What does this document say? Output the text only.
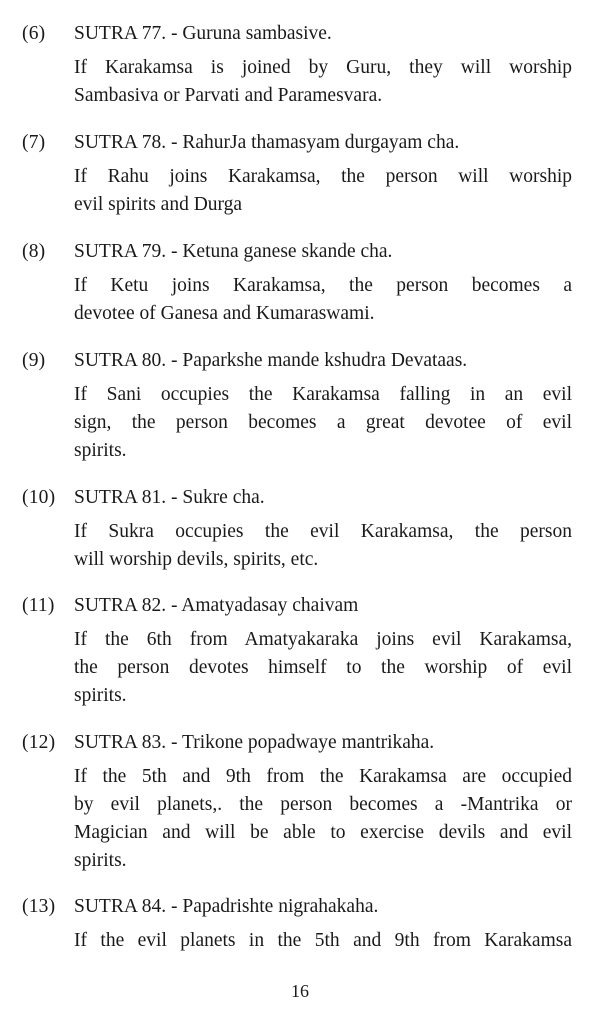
(6) SUTRA 77. - Guruna sambasive.
If Karakamsa is joined by Guru, they will worship
Sambasiva or Parvati and Paramesvara.
(7) SUTRA 78. - RahurJa thamasyam durgayam cha.
If Rahu joins Karakamsa, the person will worship
evil spirits and Durga
(8) SUTRA 79. - Ketuna ganese skande cha.
If Ketu joins Karakamsa, the person becomes a
devotee of Ganesa and Kumaraswami.
(9) SUTRA 80. - Paparkshe mande kshudra Devataas.
If Sani occupies the Karakamsa falling in an evil
sign, the person becomes a great devotee of evil
spirits.
(10) SUTRA 81. - Sukre cha.
If Sukra occupies the evil Karakamsa, the person
will worship devils, spirits, etc.
(11) SUTRA 82. - Amatyadasay chaivam
If the 6th from Amatyakaraka joins evil Karakamsa,
the person devotes himself to the worship of evil
spirits.
(12) SUTRA 83. - Trikone popadwaye mantrikaha.
If the 5th and 9th from the Karakamsa are occupied
by evil planets,. the person becomes a -Mantrika or
Magician and will be able to exercise devils and evil
spirits.
(13) SUTRA 84. - Papadrishte nigrahakaha.
If the evil planets in the 5th and 9th from Karakamsa
16
